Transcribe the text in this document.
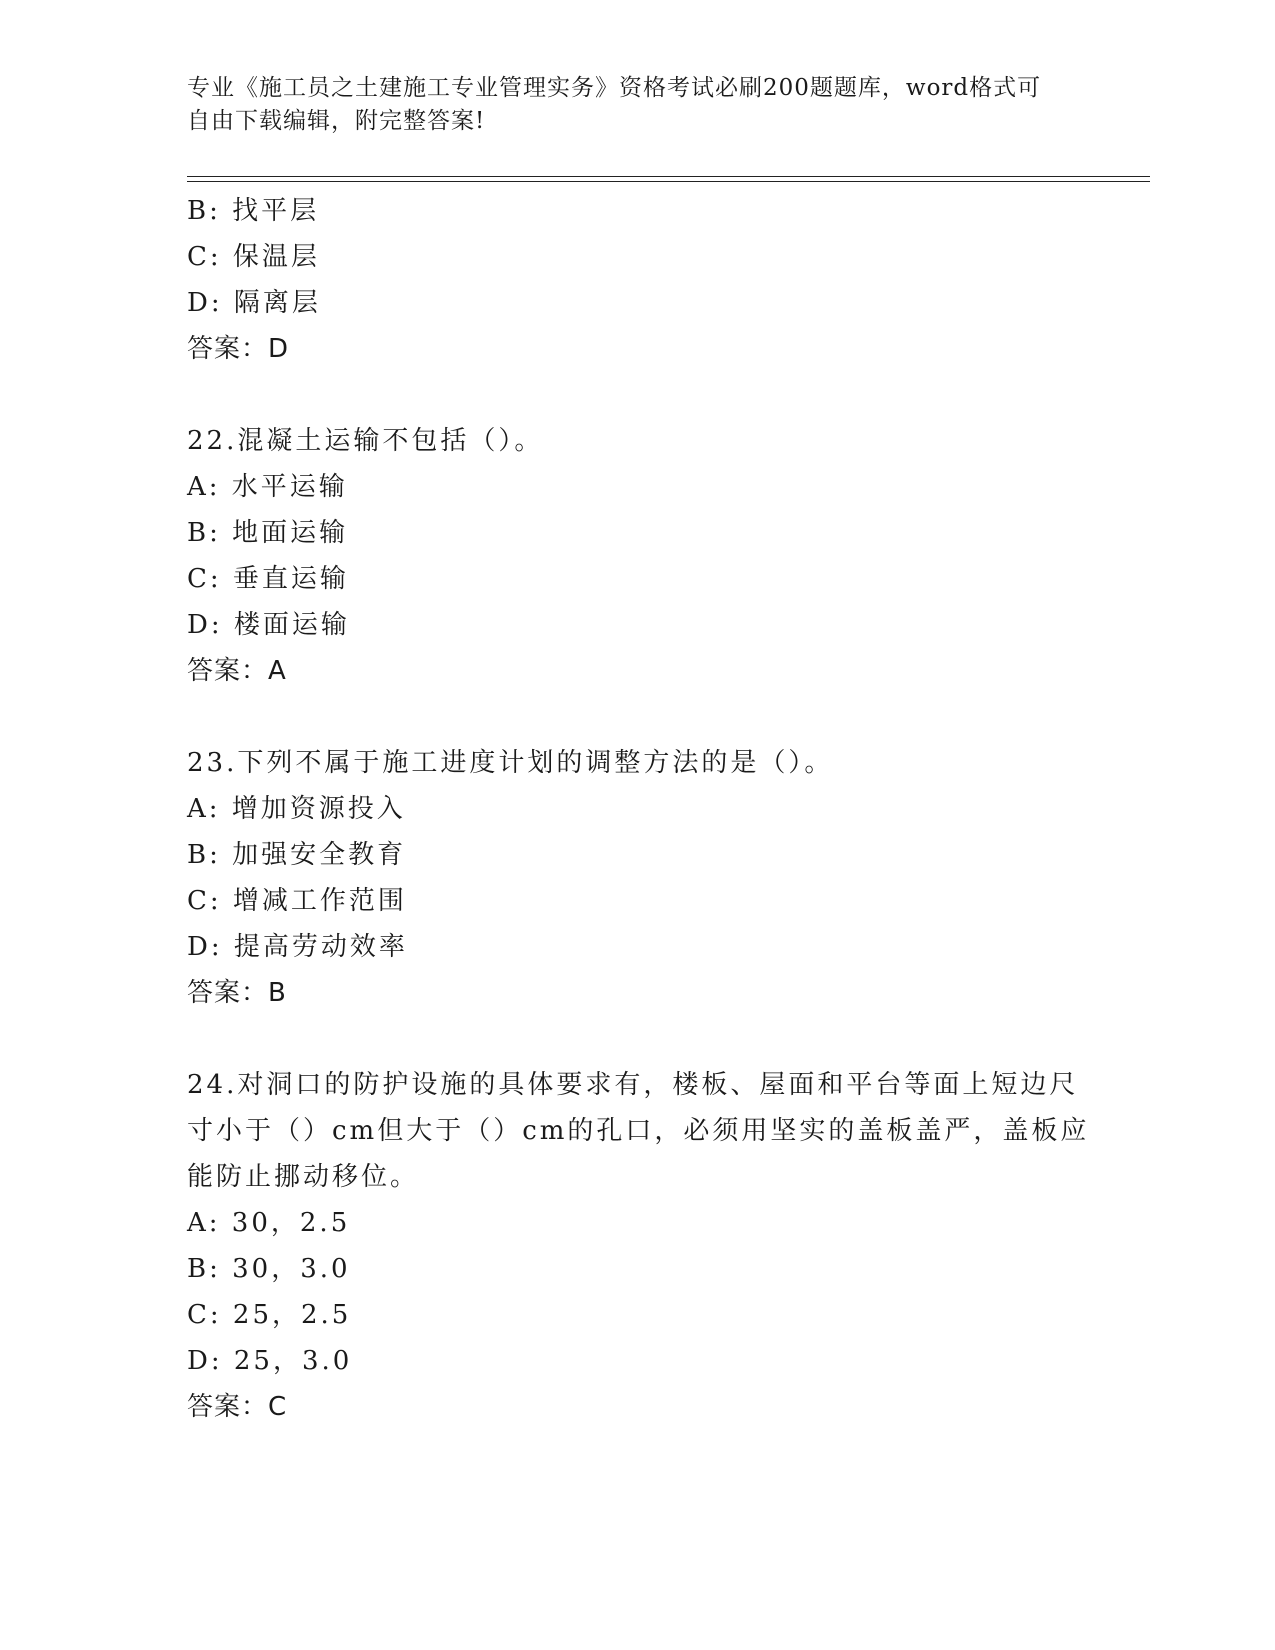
专业《施工员之土建施工专业管理实务》资格考试必刷200题题库，word格式可
自由下载编辑，附完整答案!
B: 找平层
C: 保温层
D: 隔离层
答案：D
22.混凝土运输不包括（）。
A: 水平运输
B: 地面运输
C: 垂直运输
D: 楼面运输
答案：A
23.下列不属于施工进度计划的调整方法的是（）。
A: 增加资源投入
B: 加强安全教育
C: 增减工作范围
D: 提高劳动效率
答案：B
24.对洞口的防护设施的具体要求有，楼板、屋面和平台等面上短边尺
寸小于（）cm但大于（）cm的孔口，必须用坚实的盖板盖严，盖板应
能防止挪动移位。
A: 30，2.5
B: 30，3.0
C: 25，2.5
D: 25，3.0
答案：C
